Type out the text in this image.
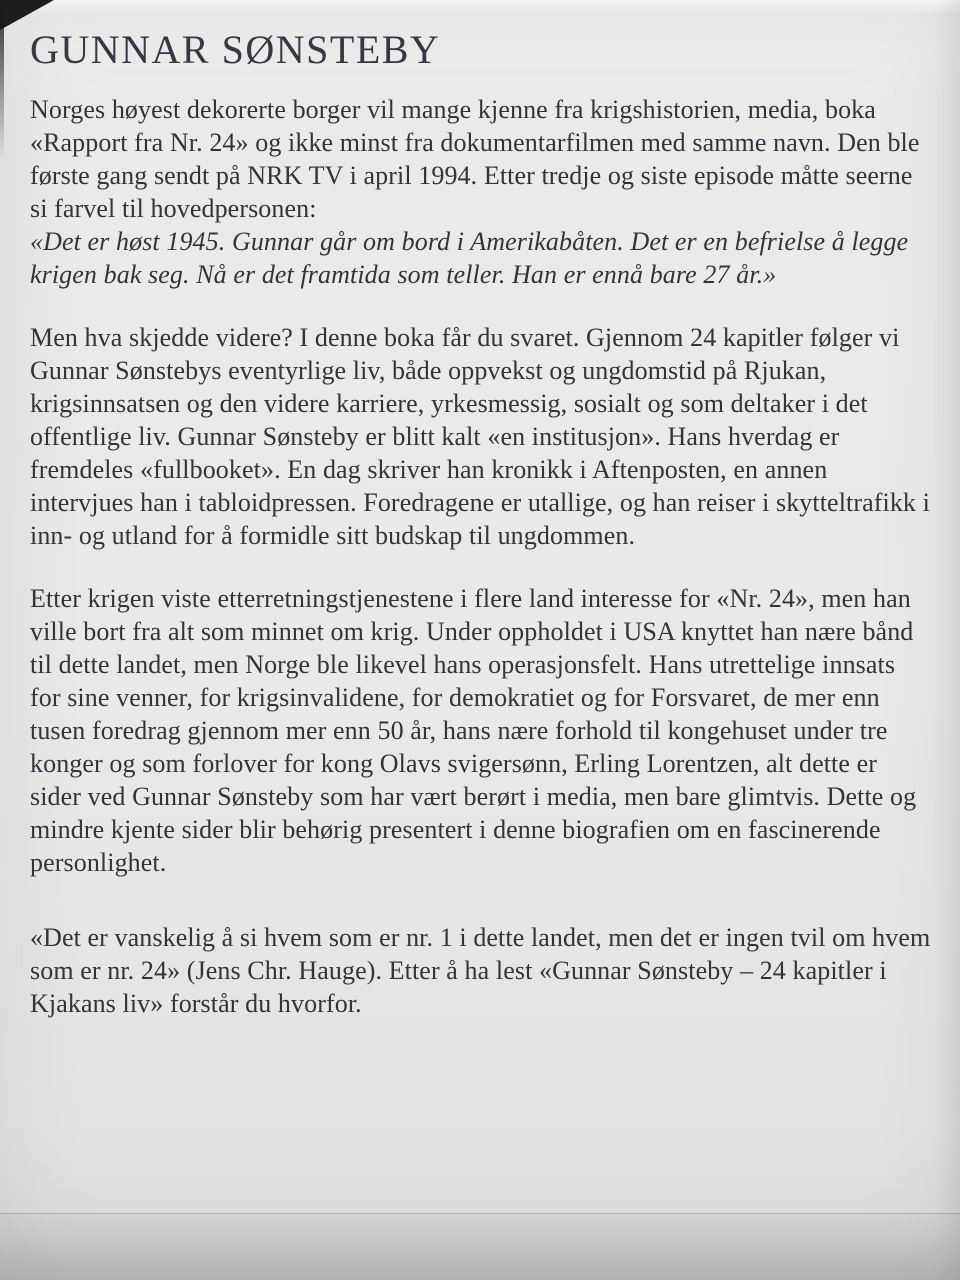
GUNNAR SØNSTEBY

Norges høyest dekorerte borger vil mange kjenne fra krigshistorien, media, boka «Rapport fra Nr. 24» og ikke minst fra dokumentarfilmen med samme navn. Den ble første gang sendt på NRK TV i april 1994. Etter tredje og siste episode måtte seerne si farvel til hovedpersonen:

«Det er høst 1945. Gunnar går om bord i Amerikabåten. Det er en befrielse å legge krigen bak seg. Nå er det framtida som teller. Han er ennå bare 27 år.»

Men hva skjedde videre? I denne boka får du svaret. Gjennom 24 kapitler følger vi Gunnar Sønstebys eventyrlige liv, både oppvekst og ungdomstid på Rjukan, krigsinnsatsen og den videre karriere, yrkesmessig, sosialt og som deltaker i det offentlige liv. Gunnar Sønsteby er blitt kalt «en institusjon». Hans hverdag er fremdeles «fullbooket». En dag skriver han kronikk i Aftenposten, en annen intervjues han i tabloidpressen. Foredragene er utallige, og han reiser i skytteltrafikk i inn- og utland for å formidle sitt budskap til ungdommen.

Etter krigen viste etterretningstjenestene i flere land interesse for «Nr. 24», men han ville bort fra alt som minnet om krig. Under oppholdet i USA knyttet han nære bånd til dette landet, men Norge ble likevel hans operasjonsfelt. Hans utrettelige innsats for sine venner, for krigsinvalidene, for demokratiet og for Forsvaret, de mer enn tusen foredrag gjennom mer enn 50 år, hans nære forhold til kongehuset under tre konger og som forlover for kong Olavs svigersønn, Erling Lorentzen, alt dette er sider ved Gunnar Sønsteby som har vært berørt i media, men bare glimtvis. Dette og mindre kjente sider blir behørig presentert i denne biografien om en fascinerende personlighet.

«Det er vanskelig å si hvem som er nr. 1 i dette landet, men det er ingen tvil om hvem som er nr. 24» (Jens Chr. Hauge). Etter å ha lest «Gunnar Sønsteby – 24 kapitler i Kjakans liv» forstår du hvorfor.
